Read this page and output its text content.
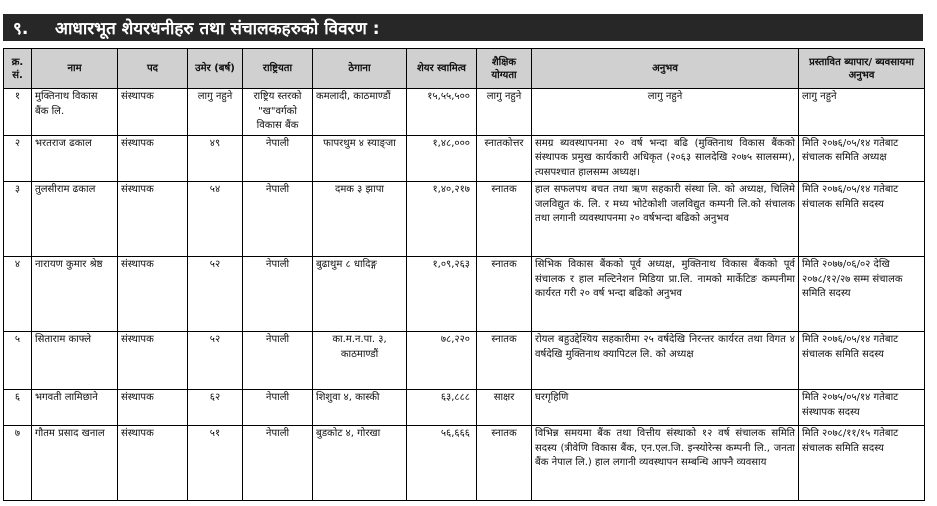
९.	आधारभूत शेयरधनीहरु तथा संचालकहरुको विवरण :
क्र. सं.	नाम	पद	उमेर (बर्ष)	राष्ट्रियता	ठेगाना	शेयर स्वामित्व	शैक्षिक योग्यता	अनुभव	प्रस्तावित ब्यापार/ ब्यवसायमा अनुभव
१	मुक्तिनाथ विकास बैंक लि.	संस्थापक	लागु नहुने	राष्ट्रिय स्तरको "ख"वर्गको विकास बैंक	कमलादी, काठमाण्डौं	१५,५५,५००	लागु नहुने	लागु नहुने	लागु नहुने
२	भरतराज ढकाल	संस्थापक	४९	नेपाली	फापरथुम ४ स्याङ्जा	१,४८,०००	स्नातकोत्तर	समग्र ब्यवस्थापनमा २० वर्ष भन्दा बढि (मुक्तिनाथ विकास बैंकको संस्थापक प्रमुख कार्यकारी अधिकृत (२०६३ सालदेखि २०७५ सालसम्म), त्यसपश्चात हालसम्म अध्यक्ष।	मिति २०७६/०५/१४ गतेबाट संचालक समिति अध्यक्ष
३	तुलसीराम ढकाल	संस्थापक	५४	नेपाली	दमक ३ झापा	१,४०,२१७	स्नातक	हाल सफलपथ बचत तथा ऋण सहकारी संस्था लि. को अध्यक्ष, चिलिमे जलविद्युत कं. लि. र मध्य भोटेकोशी जलविद्युत कम्पनी लि.को संचालक तथा लगानी व्यवस्थापनमा २० वर्षभन्दा बढिको अनुभव	मिति २०७६/०५/१४ गतेबाट संचालक समिति सदस्य
४	नारायण कुमार श्रेष्ठ	संस्थापक	५२	नेपाली	बुढाथुम ८ धादिङ्ग	१,०९,२६३	स्नातक	सिभिक विकास बैंकको पूर्व अध्यक्ष, मुक्तिनाथ विकास बैंकको पूर्व संचालक र हाल मल्टिनेशन मिडिया प्रा.लि. नामको मार्केटिङ कम्पनीमा कार्यरत गरी २० वर्ष भन्दा बढिको अनुभव	मिति २०७७/०६/०२ देखि २०७८/१२/२७ सम्म संचालक समिति सदस्य
५	सिताराम काफ्ले	संस्थापक	५२	नेपाली	का.म.न.पा. ३, काठमाण्डौं	७८,२२०	स्नातक	रोयल बहुउद्देश्यिय सहकारीमा २५ वर्षदेखि निरन्तर कार्यरत तथा विगत ४ वर्षदेखि मुक्तिनाथ क्यापिटल लि. को अध्यक्ष	मिति २०७६/०५/१४ गतेबाट संचालक समिति सदस्य
६	भगवती लामिछाने	संस्थापक	६२	नेपाली	शिशुवा ४, कास्की	६३,८८८	साक्षर	घरगृहिणि	मिति २०७५/०५/१४ गतेबाट संस्थापक सदस्य
७	गौतम प्रसाद खनाल	संस्थापक	५१	नेपाली	बुडकोट ४, गोरखा	५६,६६६	स्नातक	विभिन्न समयमा बैंक तथा वित्तीय संस्थाको १२ वर्ष संचालक समिति सदस्य (त्रीवेणि विकास बैंक, एन.एल.जि. इन्स्योरेन्स कम्पनी लि., जनता बैंक नेपाल लि.) हाल लगानी व्यवस्थापन सम्बन्धि आफ्नै व्यवसाय	मिति २०७८/११/१५ गतेबाट संचालक समिति सदस्य
